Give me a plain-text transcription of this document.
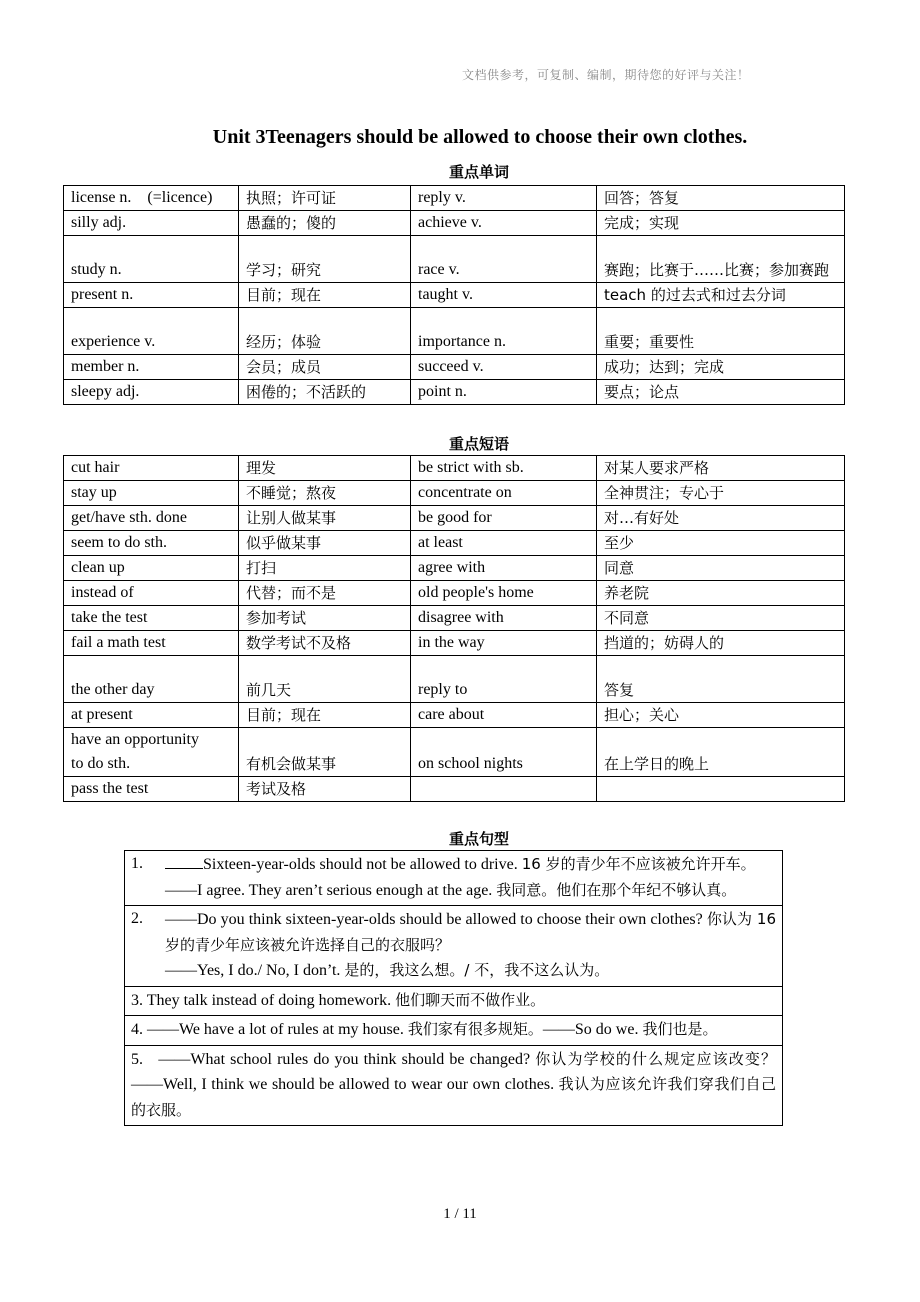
文档供参考，可复制、编制，期待您的好评与关注！
Unit 3Teenagers should be allowed to choose their own clothes.
重点单词
license n.　(=licence)	执照；许可证	reply v.	回答；答复
silly adj.	愚蠢的；傻的	achieve v.	完成；实现
study n.	学习；研究	race v.	赛跑；比赛于……比赛；参加赛跑
present n.	目前；现在	taught v.	teach 的过去式和过去分词
experience v.	经历；体验	importance n.	重要；重要性
member n.	会员；成员	succeed v.	成功；达到；完成
sleepy adj.	困倦的；不活跃的	point n.	要点；论点
重点短语
cut hair	理发	be strict with sb.	对某人要求严格
stay up	不睡觉；熬夜	concentrate on	全神贯注；专心于
get/have sth. done	让别人做某事	be good for	对…有好处
seem to do sth.	似乎做某事	at least	至少
clean up	打扫	agree with	同意
instead of	代替；而不是	old people's home	养老院
take the test	参加考试	disagree with	不同意
fail a math test	数学考试不及格	in the way	挡道的；妨碍人的
the other day	前几天	reply to	答复
at present	目前；现在	care about	担心；关心
have an opportunity to do sth.	有机会做某事	on school nights	在上学日的晚上
pass the test	考试及格		
重点句型
1.	Sixteen-year-olds should not be allowed to drive. 16 岁的青少年不应该被允许开车。
——I agree. They aren’t serious enough at the age. 我同意。他们在那个年纪不够认真。

2.	——Do you think sixteen-year-olds should be allowed to choose their own clothes? 你认为 16 岁的青少年应该被允许选择自己的衣服吗？
——Yes, I do./ No, I don’t. 是的，我这么想。/ 不，我不这么认为。

3. They talk instead of doing homework. 他们聊天而不做作业。
4. ——We have a lot of rules at my house. 我们家有很多规矩。——So do we. 我们也是。
5. ——What school rules do you think should be changed? 你认为学校的什么规定应该改变？ ——Well, I think we should be allowed to wear our own clothes. 我认为应该允许我们穿我们自己的衣服。
1 / 11
